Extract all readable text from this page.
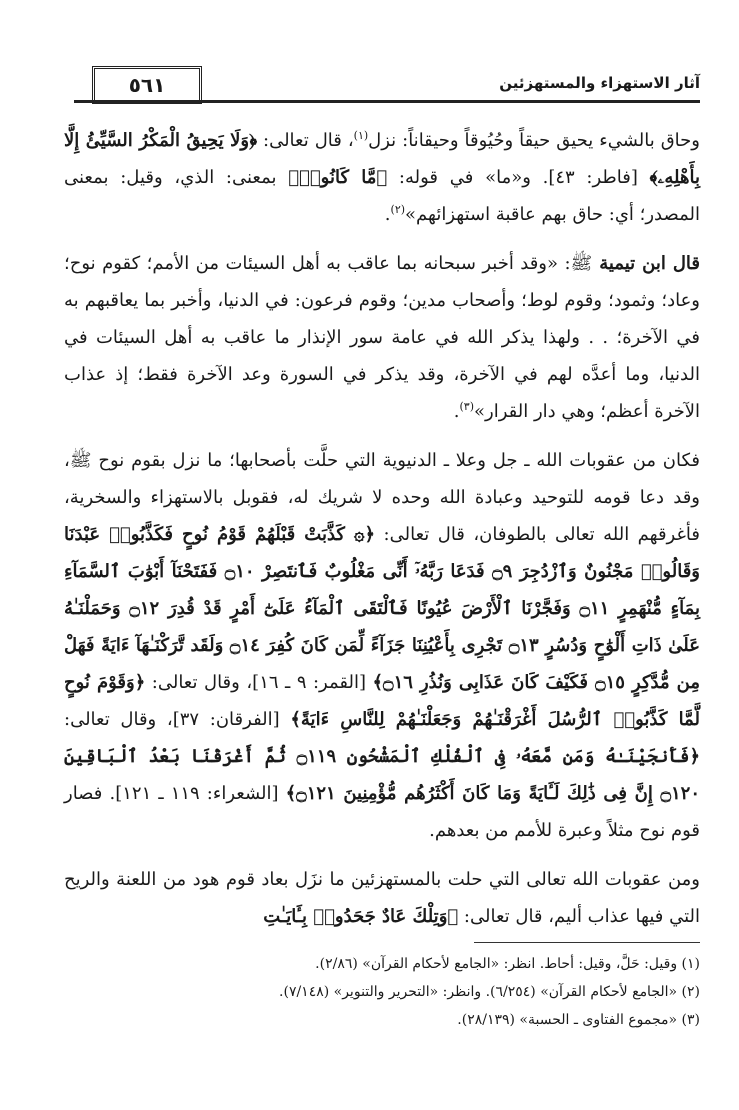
٥٦١	آثار الاستهزاء والمستهزئين

وحاق بالشيء يحيق حيقاً وحُيُوقاً وحيقاناً: نزل$^{(١)}$، قال تعالى: ﴿وَلَا يَحِيقُ الْمَكْرُ السَّيِّئُ إِلَّا بِأَهْلِهِۦ﴾ [فاطر: ٤٣]. و«ما» في قوله: ﴿مَّا كَانُوا۟﴾ بمعنى: الذي، وقيل: بمعنى المصدر؛ أي: حاق بهم عاقبة استهزائهم»$^{(٢)}$.

قال ابن تيمية ﷺ: «وقد أخبر سبحانه بما عاقب به أهل السيئات من الأمم؛ كقوم نوح؛ وعاد؛ وثمود؛ وقوم لوط؛ وأصحاب مدين؛ وقوم فرعون: في الدنيا، وأخبر بما يعاقبهم به في الآخرة؛ . . ولهذا يذكر الله في عامة سور الإنذار ما عاقب به أهل السيئات في الدنيا، وما أعدَّه لهم في الآخرة، وقد يذكر في السورة وعد الآخرة فقط؛ إذ عذاب الآخرة أعظم؛ وهي دار القرار»$^{(٣)}$.

فكان من عقوبات الله ـ جل وعلا ـ الدنيوية التي حلَّت بأصحابها؛ ما نزل بقوم نوح ﷺ، وقد دعا قومه للتوحيد وعبادة الله وحده لا شريك له، فقوبل بالاستهزاء والسخرية، فأغرقهم الله تعالى بالطوفان، قال تعالى: ﴿۞ كَذَّبَتْ قَبْلَهُمْ قَوْمُ نُوحٍ فَكَذَّبُوا۟ عَبْدَنَا وَقَالُوا۟ مَجْنُونٌ وَٱزْدُجِرَ ۝٩ فَدَعَا رَبَّهُۥٓ أَنِّى مَغْلُوبٌ فَٱنتَصِرْ ۝١٠ فَفَتَحْنَآ أَبْوَٰبَ ٱلسَّمَآءِ بِمَآءٍ مُّنْهَمِرٍ ۝١١ وَفَجَّرْنَا ٱلْأَرْضَ عُيُونًا فَٱلْتَقَى ٱلْمَآءُ عَلَىٰٓ أَمْرٍ قَدْ قُدِرَ ۝١٢ وَحَمَلْنَـٰهُ عَلَىٰ ذَاتِ أَلْوَٰحٍ وَدُسُرٍ ۝١٣ تَجْرِى بِأَعْيُنِنَا جَزَآءً لِّمَن كَانَ كُفِرَ ۝١٤ وَلَقَد تَّرَكْنَـٰهَآ ءَايَةً فَهَلْ مِن مُّدَّكِرٍ ۝١٥ فَكَيْفَ كَانَ عَذَابِى وَنُذُرِ ۝١٦﴾ [القمر: ٩ ـ ١٦]، وقال تعالى: ﴿وَقَوْمَ نُوحٍ لَّمَّا كَذَّبُوا۟ ٱلرُّسُلَ أَغْرَقْنَـٰهُمْ وَجَعَلْنَـٰهُمْ لِلنَّاسِ ءَايَةً﴾ [الفرقان: ٣٧]، وقال تعالى: ﴿فَأَنجَيْنَـٰهُ وَمَن مَّعَهُۥ فِى ٱلْفُلْكِ ٱلْمَشْحُونِ ۝١١٩ ثُمَّ أَغْرَقْنَا بَعْدُ ٱلْبَاقِينَ ۝١٢٠ إِنَّ فِى ذَٰلِكَ لَـَٔايَةً وَمَا كَانَ أَكْثَرُهُم مُّؤْمِنِينَ ۝١٢١﴾ [الشعراء: ١١٩ ـ ١٢١]. فصار قوم نوح مثلاً وعبرة للأمم من بعدهم.

ومن عقوبات الله تعالى التي حلت بالمستهزئين ما نزَل بعاد قوم هود من اللعنة والريح التي فيها عذاب أليم، قال تعالى: ﴿وَتِلْكَ عَادٌ جَحَدُوا۟ بِـَٔايَـٰتِ

(١) وقيل: حَلَّ، وقيل: أحاط. انظر: «الجامع لأحكام القرآن» (٢/٨٦).
(٢) «الجامع لأحكام القرآن» (٦/٢٥٤). وانظر: «التحرير والتنوير» (٧/١٤٨).
(٣) «مجموع الفتاوى ـ الحسبة» (٢٨/١٣٩).
